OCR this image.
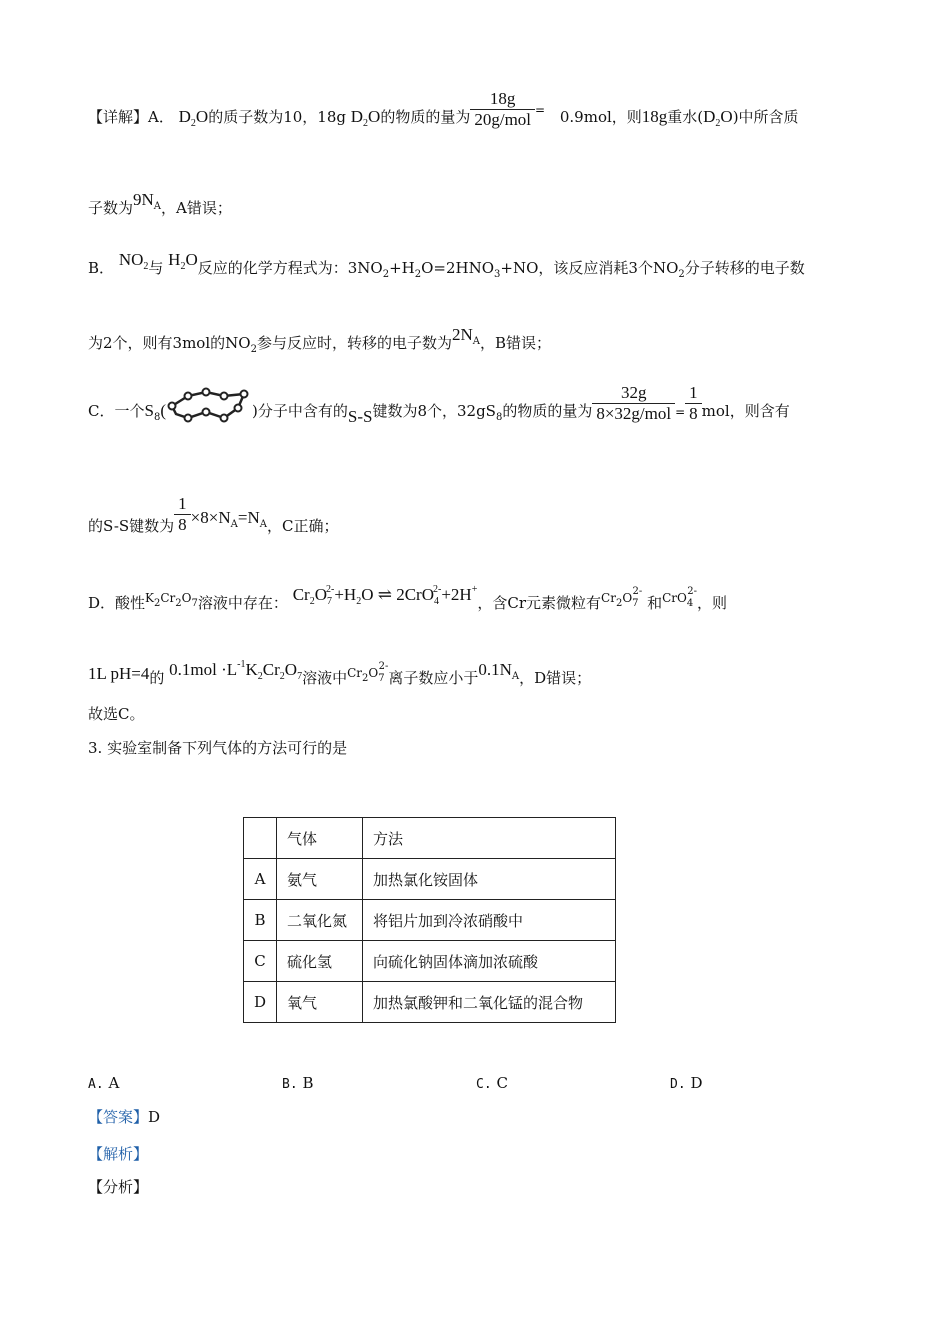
【详解】A． $D_2O$的质子数为10，18g $D_2O$的物质的量为 $\frac{18g}{\text{20g/mol}} ^=$ 0.9mol，则18g重水$(D_2O)$中所含质
子数为$9N^A$，A错误；
B． $NO_2$与 $H_2O$反应的化学方程式为：$3NO_2+H_2O=2HNO_3+NO$，该反应消耗3个$NO_2$分子转移的电子数
为2个，则有3mol的$NO_2$参与反应时，转移的电子数为$2N^A$，B错误；
C．一个$S_8$(	)分子中含有的S-S键数为8个，$32gS_8$的物质的量为 $\frac{32g}{\text{8×32g/mol}} = \frac{1}{8}$ mol，则含有
的S-S键数为 $\frac{1}{8} \times 8\times N^A=N^A$，C正确；
D．酸性$^{K_2Cr_2O_7}$溶液中存在： $Cr_2O_7^{2-}+H_2O$ ⇌ 2CrO$_4^{2-}$+2H+，含Cr元素微粒有$^{Cr_2O_7^{2-}}$ 和$^{CrO_4^{2-}}$，则
1L pH=4的 $0.1mol \cdot L^{-1}K_2Cr_2O_7$溶液中$^{Cr_2O_7^{2-}}$离子数应小于$0.1N^A$，D错误；
故选C。
3. 实验室制备下列气体的方法可行的是
	气体	方法
A	氨气	加热氯化铵固体
B	二氧化氮	将铝片加到冷浓硝酸中
C	硫化氢	向硫化钠固体滴加浓硫酸
D	氧气	加热氯酸钾和二氧化锰的混合物
A. A	B. B	C. C	D. D
【答案】D
【解析】
【分析】
